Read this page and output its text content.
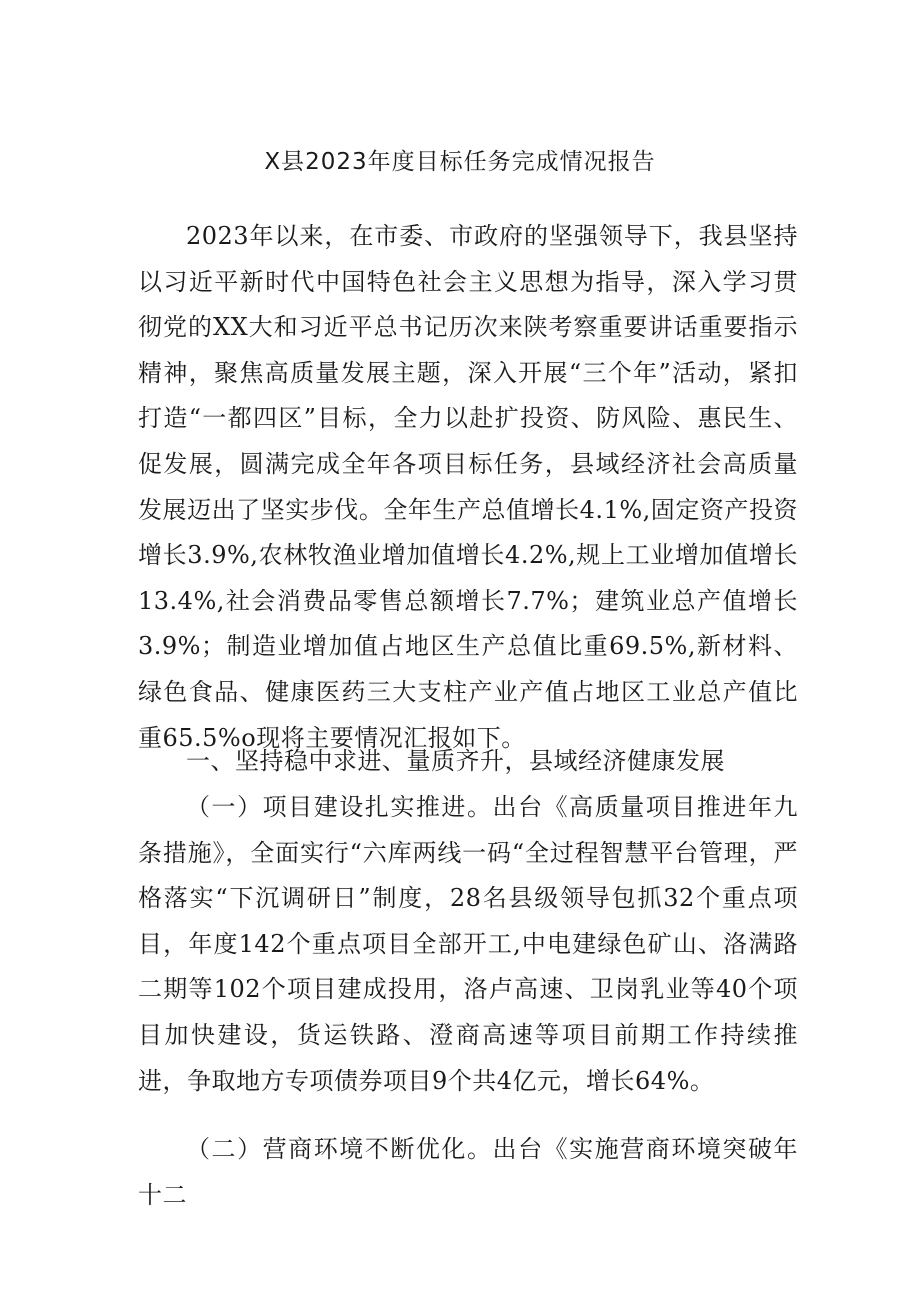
X县2023年度目标任务完成情况报告

2023年以来，在市委、市政府的坚强领导下，我县坚持以习近平新时代中国特色社会主义思想为指导，深入学习贯彻党的XX大和习近平总书记历次来陕考察重要讲话重要指示精神，聚焦高质量发展主题，深入开展“三个年”活动，紧扣打造“一都四区”目标，全力以赴扩投资、防风险、惠民生、促发展，圆满完成全年各项目标任务，县域经济社会高质量发展迈出了坚实步伐。全年生产总值增长4.1%,固定资产投资增长3.9%,农林牧渔业增加值增长4.2%,规上工业增加值增长13.4%,社会消费品零售总额增长7.7%；建筑业总产值增长3.9%；制造业增加值占地区生产总值比重69.5%,新材料、绿色食品、健康医药三大支柱产业产值占地区工业总产值比重65.5%o现将主要情况汇报如下。

一、坚持稳中求进、量质齐升，县域经济健康发展

（一）项目建设扎实推进。出台《高质量项目推进年九条措施》，全面实行“六库两线一码“全过程智慧平台管理，严格落实“下沉调研日”制度，28名县级领导包抓32个重点项目，年度142个重点项目全部开工,中电建绿色矿山、洛满路二期等102个项目建成投用，洛卢高速、卫岗乳业等40个项目加快建设，货运铁路、澄商高速等项目前期工作持续推进，争取地方专项债券项目9个共4亿元，增长64%。

（二）营商环境不断优化。出台《实施营商环境突破年十二
